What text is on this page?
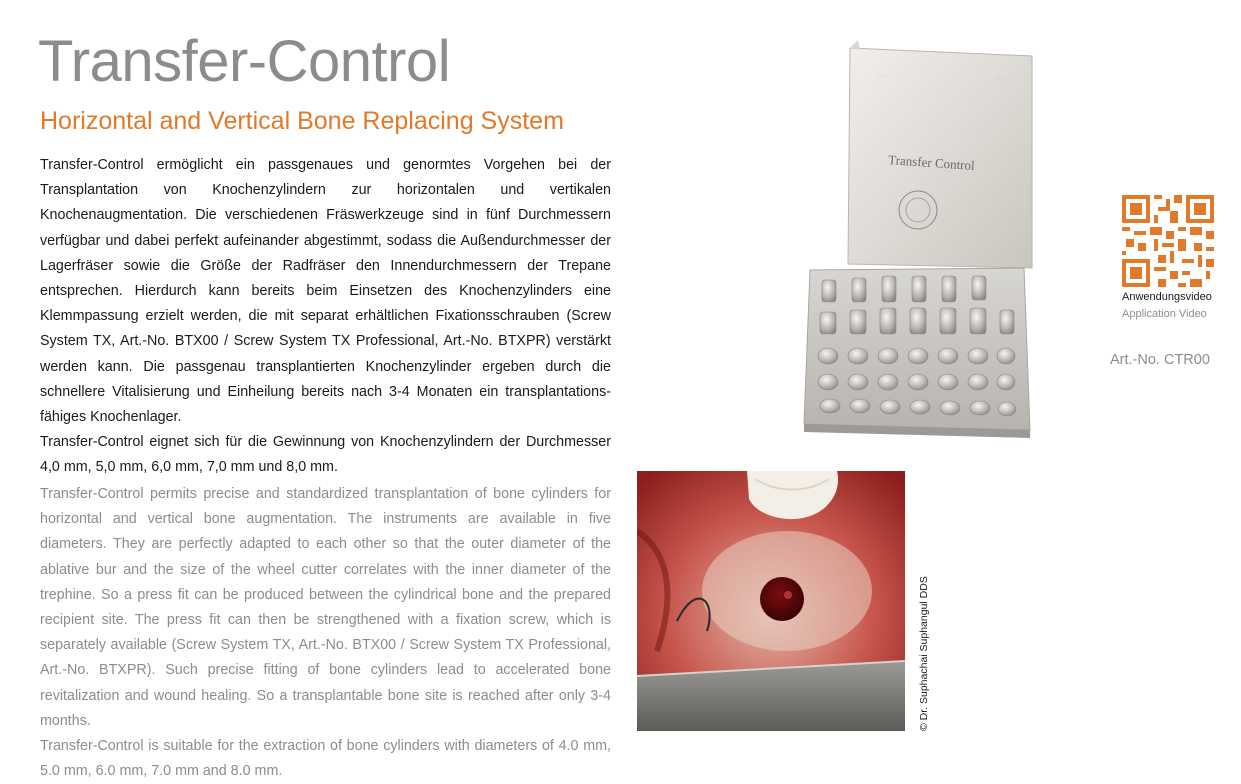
Transfer-Control
Horizontal and Vertical Bone Replacing System

Transfer-Control ermöglicht ein passgenaues und genormtes Vorgehen bei der Transplantation von Knochenzylindern zur horizontalen und vertikalen Knochenaugmentation. Die verschiedenen Fräswerkzeuge sind in fünf Durchmessern verfügbar und dabei perfekt aufeinander abgestimmt, sodass die Außendurchmesser der Lagerfräser sowie die Größe der Radfräser den Innendurchmessern der Trepane entsprechen. Hierdurch kann bereits beim Einsetzen des Knochenzylinders eine Klemmpassung erzielt werden, die mit separat erhältlichen Fixationsschrauben (Screw System TX, Art.-No. BTX00 / Screw System TX Professional, Art.-No. BTXPR) verstärkt werden kann. Die passgenau transplantierten Knochenzylinder ergeben durch die schnellere Vitalisierung und Einheilung bereits nach 3-4 Monaten ein transplantationsfähiges Knochenlager.

Transfer-Control eignet sich für die Gewinnung von Knochenzylindern der Durchmesser 4,0 mm, 5,0 mm, 6,0 mm, 7,0 mm und 8,0 mm.

Transfer-Control permits precise and standardized transplantation of bone cylinders for horizontal and vertical bone augmentation. The instruments are available in five diameters. They are perfectly adapted to each other so that the outer diameter of the ablative bur and the size of the wheel cutter correlates with the inner diameter of the trephine. So a press fit can be produced between the cylindrical bone and the prepared recipient site. The press fit can then be strengthened with a fixation screw, which is separately available (Screw System TX, Art.-No. BTX00 / Screw System TX Professional, Art.-No. BTXPR). Such precise fitting of bone cylinders lead to accelerated bone revitalization and wound healing. So a transplantable bone site is reached after only 3-4 months.

Transfer-Control is suitable for the extraction of bone cylinders with diameters of 4.0 mm, 5.0 mm, 6.0 mm, 7.0 mm and 8.0 mm.

Transfer Control
· · ·	· · ·
© Dr. Suphachai Suphangul DDS
Anwendungsvideo
Application Video
Art.-No. CTR00
